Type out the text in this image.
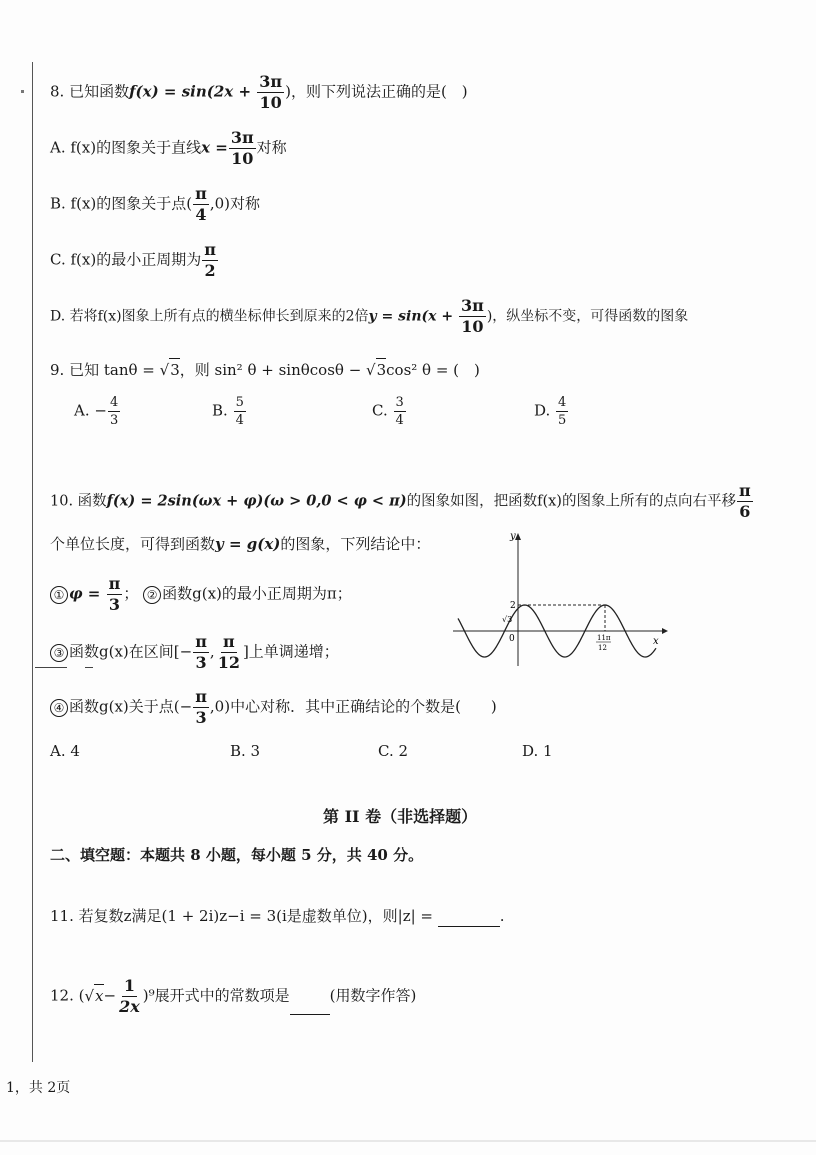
8. 已知函数$f(x) = \sin(2x + \frac{3\pi}{10}$ )，则下列说法正确的是(　)
A. f(x)的图象关于直线$x = \frac{3\pi}{10}$ 对称
B. f(x)的图象关于点( $\frac{\pi}{4} ,0$)对称
C. f(x)的最小正周期为 $\frac{\pi}{2}$
D. 若将f(x)图象上所有点的横坐标伸长到原来的2倍$y = \sin(x + \frac{3\pi}{10}$ )，纵坐标不变，可得函数的图象
9. 已知 tanθ = √3，则 sin² θ + sinθcosθ − √3cos² θ = (　)
A. − $\frac{4}{3}$	B. $\frac{5}{4}$	C. $\frac{3}{4}$	D. $\frac{4}{5}$
10. 函数f(x) = 2sin(ωx + φ)(ω > 0,0 < φ < π)的图象如图，把函数f(x)的图象上所有的点向右平移 $\frac{\pi}{6}$
个单位长度，可得到函数y = g(x)的图象，下列结论中：
① $\varphi = \frac{\pi}{3}$ ； ② 函数g(x)的最小正周期为π；
③ 函数g(x)在区间[− $\frac{\pi}{3}$ , $\frac{\pi}{12}$ ]上单调递增；
④ 函数g(x)关于点(− $\frac{\pi}{3} ,0$)中心对称．其中正确结论的个数是(　　)
A. 4	B. 3	C. 2	D. 1
y
x
0
2
√3
11π
12
第 II 卷（非选择题）
二、填空题：本题共 8 小题，每小题 5 分，共 40 分。
11. 若复数z满足(1 + 2i)z−i = 3(i是虚数单位)，则|z| =	.
12. $(√x- \frac{1}{2x} )^9$展开式中的常数项是	(用数字作答)
1，共 2页
